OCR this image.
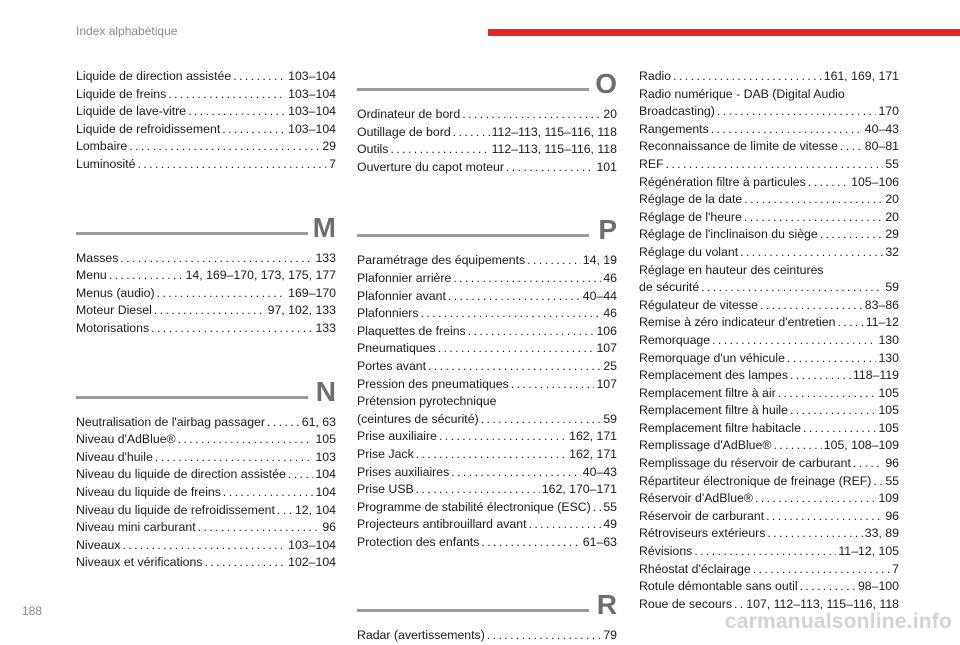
Index alphabétique
Liquide de direction assistée . . .	103–104
Liquide de freins . . .	103–104
Liquide de lave-vitre . . .	103–104
Liquide de refroidissement . . .	103–104
Lombaire . . .	29
Luminosité . . .	7
M
Masses . . .	133
Menu . . .	14, 169–170, 173, 175, 177
Menus (audio) . . .	169–170
Moteur Diesel . . .	97, 102, 133
Motorisations . . .	133
N
Neutralisation de l'airbag passager . . .	61, 63
Niveau d'AdBlue® . . .	105
Niveau d'huile . . .	103
Niveau du liquide de direction assistée . . . 104
Niveau du liquide de freins . . .	104
Niveau du liquide de refroidissement . . . 12, 104
Niveau mini carburant . . .	96
Niveaux . . .	103–104
Niveaux et vérifications . . .	102–104
O
Ordinateur de bord . . .	20
Outillage de bord . . .	112–113, 115–116, 118
Outils . . .	112–113, 115–116, 118
Ouverture du capot moteur . . .	101
P
Paramétrage des équipements . . .	14, 19
Plafonnier arrière . . .	46
Plafonnier avant . . .	40–44
Plafonniers . . .	46
Plaquettes de freins . . .	106
Pneumatiques . . .	107
Portes avant . . .	25
Pression des pneumatiques . . .	107
Prétension pyrotechnique
(ceintures de sécurité) . . .	59
Prise auxiliaire . . .	162, 171
Prise Jack . . .	162, 171
Prises auxiliaires . . .	40–43
Prise USB . . .	162, 170–171
Programme de stabilité électronique (ESC) . . . 55
Projecteurs antibrouillard avant . . .	49
Protection des enfants . . .	61–63
R
Radar (avertissements) . . .	79
Radio . . .	161, 169, 171
Radio numérique - DAB (Digital Audio
Broadcasting) . . .	170
Rangements . . .	40–43
Reconnaissance de limite de vitesse . . . 80–81
REF . . .	55
Régénération filtre à particules . . .	105–106
Réglage de la date . . .	20
Réglage de l'heure . . .	20
Réglage de l'inclinaison du siège . . .	29
Réglage du volant . . .	32
Réglage en hauteur des ceintures
de sécurité . . .	59
Régulateur de vitesse . . .	83–86
Remise à zéro indicateur d'entretien . . . 11–12
Remorquage . . .	130
Remorquage d'un véhicule . . .	130
Remplacement des lampes . . .	118–119
Remplacement filtre à air . . .	105
Remplacement filtre à huile . . .	105
Remplacement filtre habitacle . . .	105
Remplissage d'AdBlue® . . .	105, 108–109
Remplissage du réservoir de carburant . . .	96
Répartiteur électronique de freinage (REF) . . . 55
Réservoir d'AdBlue® . . .	109
Réservoir de carburant . . .	96
Rétroviseurs extérieurs . . .	33, 89
Révisions . . .	11–12, 105
Rhéostat d'éclairage . . .	7
Rotule démontable sans outil . . .	98–100
Roue de secours . . . 107, 112–113, 115–116, 118
188	carmanualsonline.info
